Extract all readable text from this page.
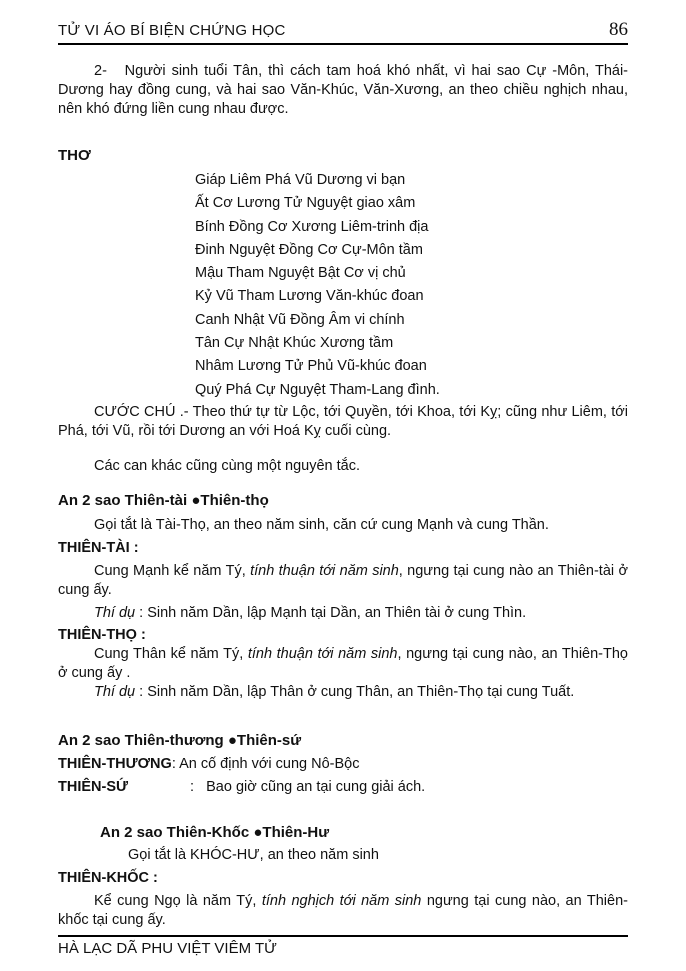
TỬ VI ÁO BÍ BIỆN CHỨNG HỌC	86

2-   Người sinh tuổi Tân, thì cách tam hoá khó nhất, vì hai sao Cự -Môn, Thái-Dương hay đồng cung, và hai sao Văn-Khúc, Văn-Xương, an theo chiều nghịch nhau, nên khó đứng liền cung nhau được.

THƠ
Giáp Liêm Phá Vũ Dương vi bạn
Ất Cơ Lương Tử Nguyệt giao xâm
Bính Đồng Cơ Xương Liêm-trinh địa
Đinh Nguyệt Đồng Cơ Cự-Môn tầm
Mậu Tham Nguyệt Bật Cơ vị chủ
Kỷ Vũ Tham Lương Văn-khúc đoan
Canh Nhật Vũ Đồng Âm vi chính
Tân Cự Nhật Khúc Xương tầm
Nhâm Lương Tử Phủ Vũ-khúc đoan
Quý Phá Cự Nguyệt Tham-Lang đình.

CƯỚC CHÚ .- Theo thứ tự từ Lộc, tới Quyền, tới Khoa, tới Kỵ; cũng như Liêm, tới Phá, tới Vũ, rồi tới Dương an với Hoá Kỵ cuối cùng.

Các can khác cũng cùng một nguyên tắc.

An 2 sao Thiên-tài ●Thiên-thọ

Gọi tắt là Tài-Thọ, an theo năm sinh, căn cứ cung Mạnh và cung Thần.

THIÊN-TÀI :

Cung Mạnh kể năm Tý, tính thuận tới năm sinh, ngưng tại cung nào an Thiên-tài ở cung ấy.

Thí dụ : Sinh năm Dần, lập Mạnh tại Dần, an Thiên tài ở cung Thìn.

THIÊN-THỌ :

Cung Thân kể năm Tý, tính thuận tới năm sinh, ngưng tại cung nào, an Thiên-Thọ ở cung ấy .

Thí dụ : Sinh năm Dần, lập Thân ở cung Thân, an Thiên-Thọ tại cung Tuất.

An 2 sao Thiên-thương ●Thiên-sứ

THIÊN-THƯƠNG: An cố định với cung Nô-Bộc

THIÊN-SỨ	:   Bao giờ cũng an tại cung giải ách.

An 2 sao Thiên-Khốc ●Thiên-Hư

Gọi tắt là KHÓC-HƯ, an theo năm sinh

THIÊN-KHỐC :

Kể cung Ngọ là năm Tý, tính nghịch tới năm sinh ngưng tại cung nào, an Thiên-khốc tại cung ấy.

HÀ LẠC DÃ PHU VIỆT VIÊM TỬ
